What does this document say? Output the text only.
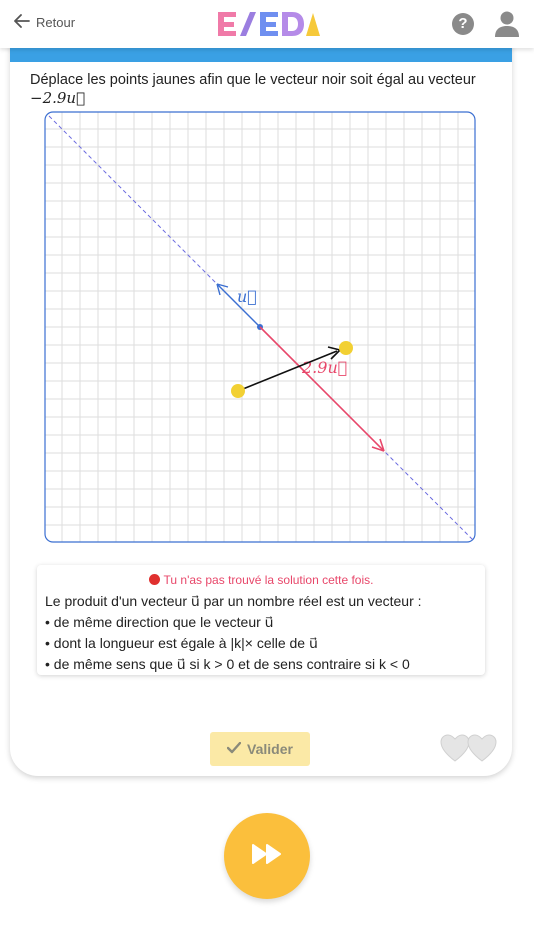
Retour	?
Déplace les points jaunes afin que le vecteur noir soit égal au vecteur
−2.9u⃗
u⃗
2.9u⃗
Tu n'as pas trouvé la solution cette fois.
Le produit d'un vecteur u⃗ par un nombre réel est un vecteur :
• de même direction que le vecteur u⃗
• dont la longueur est égale à |k|× celle de u⃗
• de même sens que u⃗ si k > 0 et de sens contraire si k < 0
Valider
